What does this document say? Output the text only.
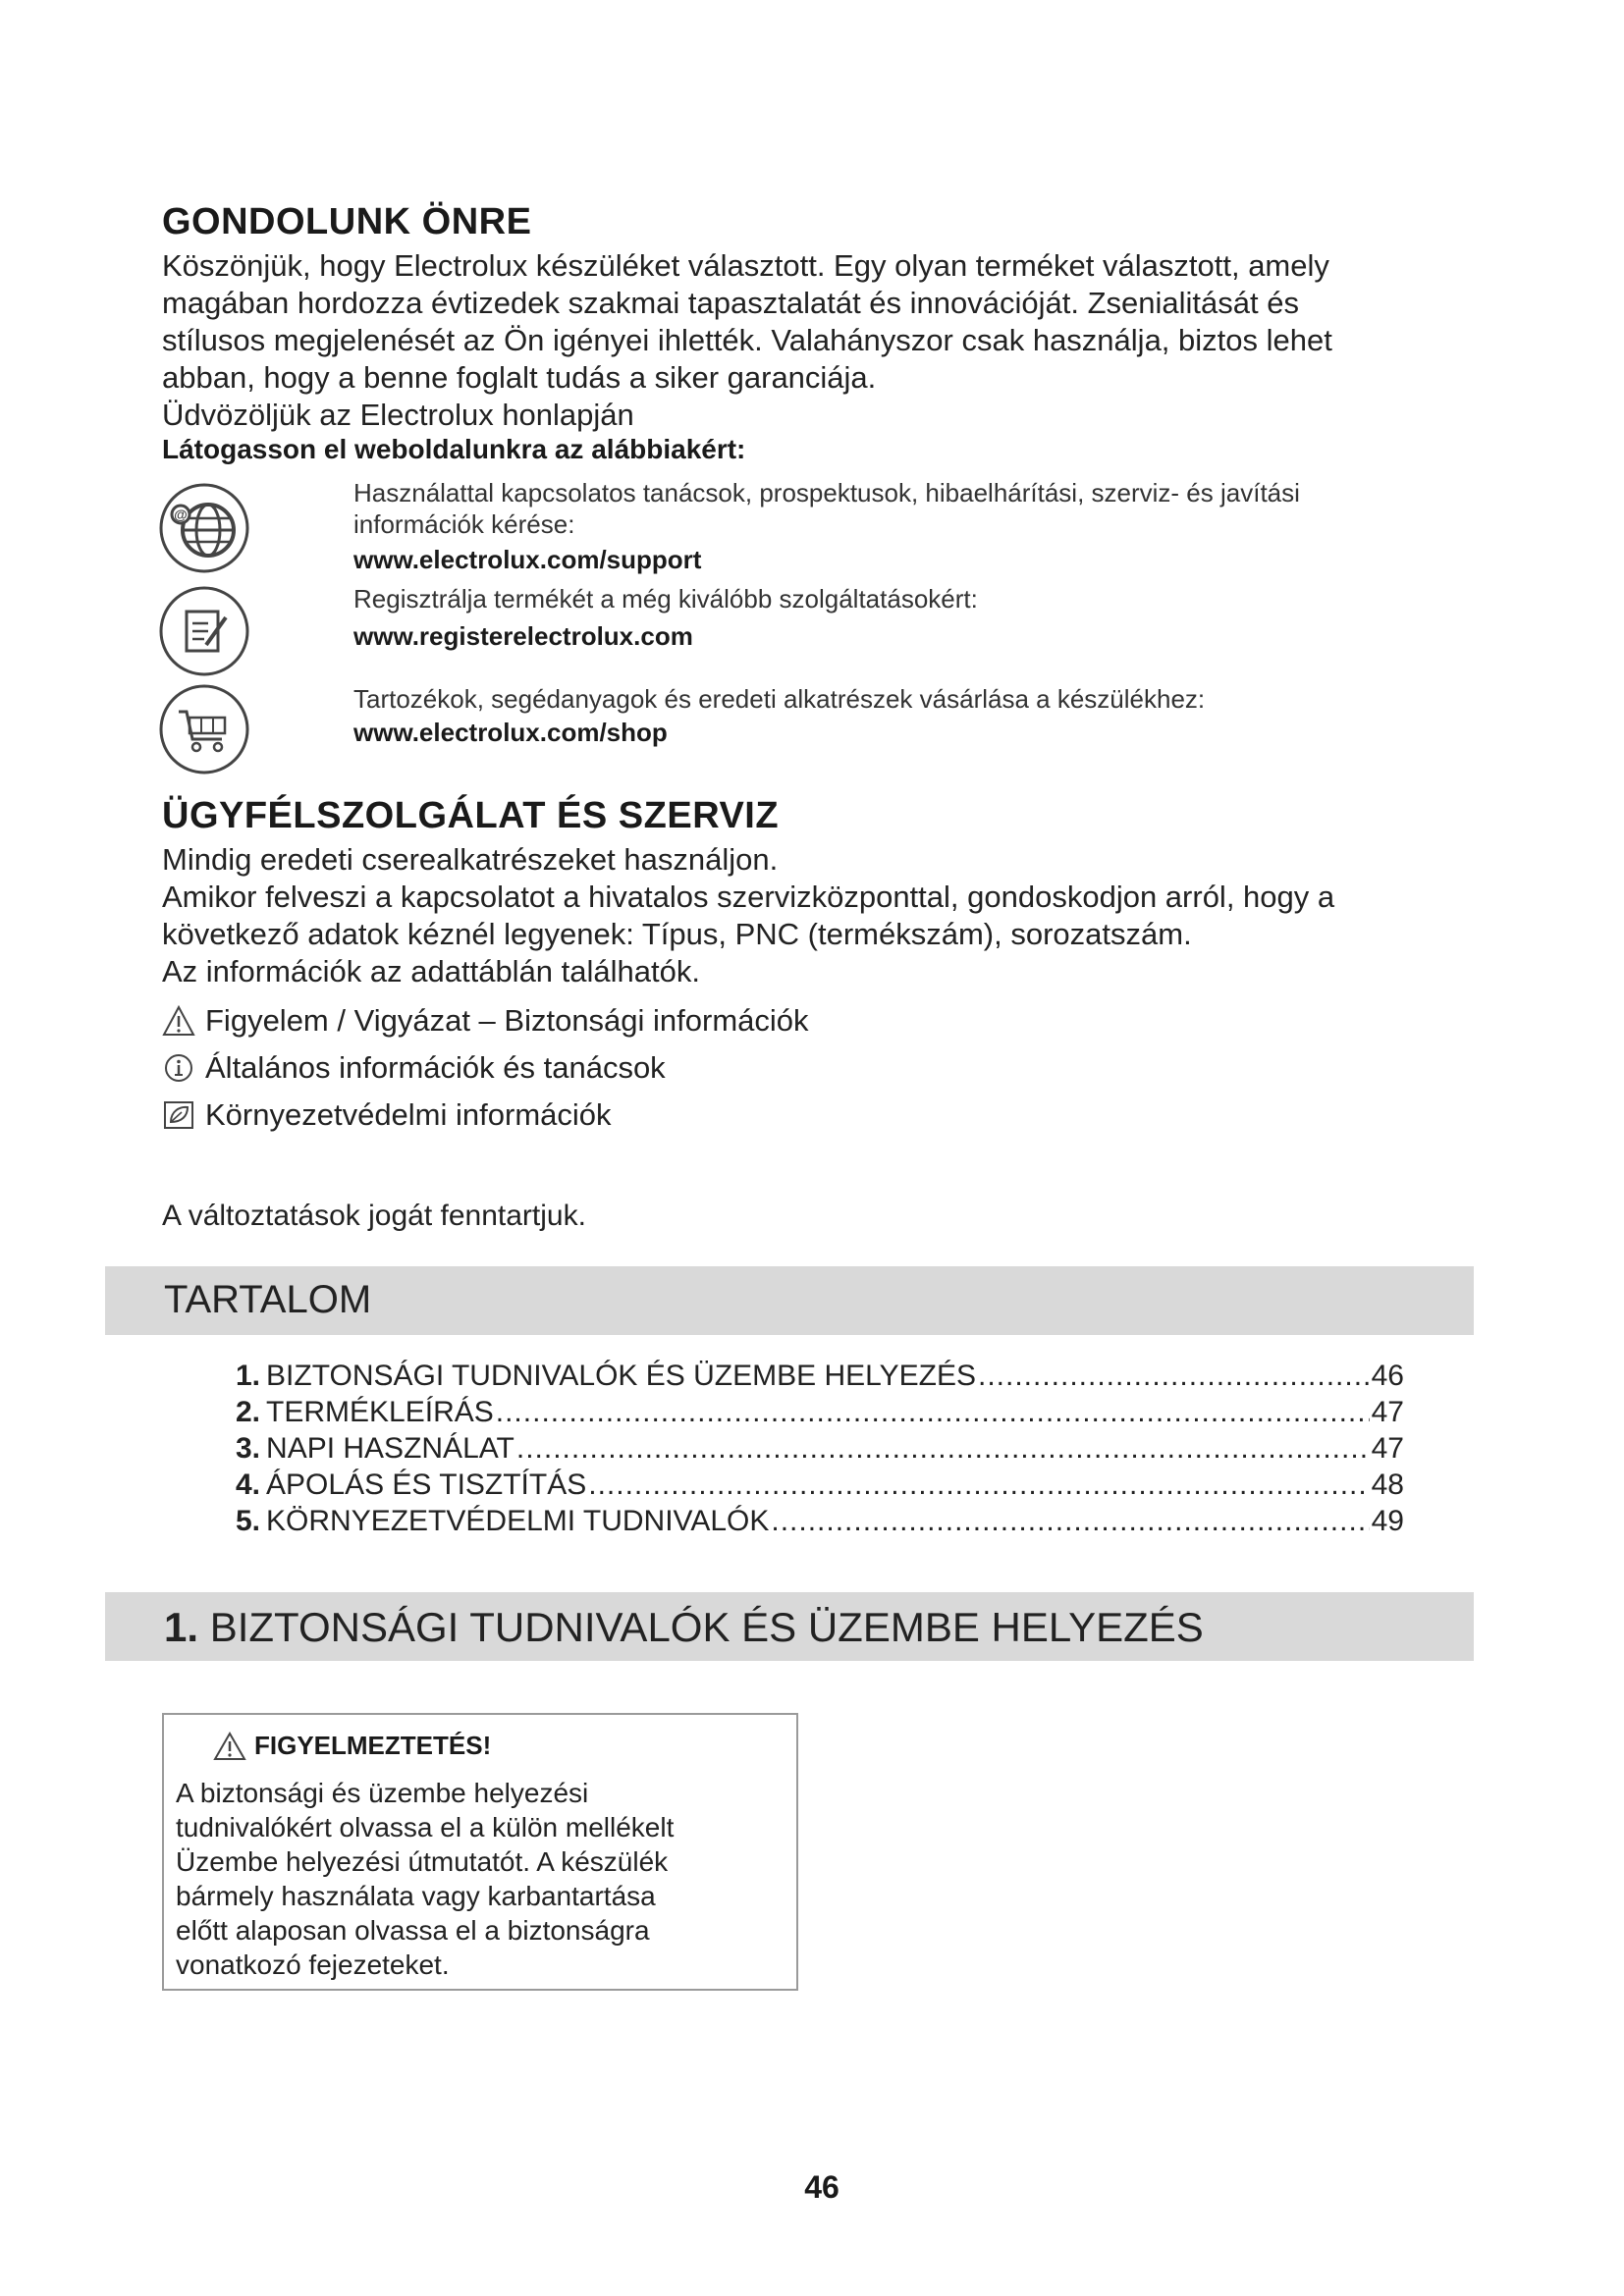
GONDOLUNK ÖNRE
Köszönjük, hogy Electrolux készüléket választott. Egy olyan terméket választott, amely
magában hordozza évtizedek szakmai tapasztalatát és innovációját. Zsenialitását és
stílusos megjelenését az Ön igényei ihlették. Valahányszor csak használja, biztos lehet
abban, hogy a benne foglalt tudás a siker garanciája.
Üdvözöljük az Electrolux honlapján
Látogasson el weboldalunkra az alábbiakért:
@
Használattal kapcsolatos tanácsok, prospektusok, hibaelhárítási, szerviz- és javítási
információk kérése:
www.electrolux.com/support
Regisztrálja termékét a még kiválóbb szolgáltatásokért:
www.registerelectrolux.com
Tartozékok, segédanyagok és eredeti alkatrészek vásárlása a készülékhez:
www.electrolux.com/shop
ÜGYFÉLSZOLGÁLAT ÉS SZERVIZ
Mindig eredeti cserealkatrészeket használjon.
Amikor felveszi a kapcsolatot a hivatalos szervizközponttal, gondoskodjon arról, hogy a
következő adatok kéznél legyenek: Típus, PNC (termékszám), sorozatszám.
Az információk az adattáblán találhatók.
Figyelem / Vigyázat – Biztonsági információk
Általános információk és tanácsok
Környezetvédelmi információk
A változtatások jogát fenntartjuk.
TARTALOM
1. BIZTONSÁGI TUDNIVALÓK ÉS ÜZEMBE HELYEZÉS .....	46
2. TERMÉKLEÍRÁS .....	47
3. NAPI HASZNÁLAT .....	47
4. ÁPOLÁS ÉS TISZTÍTÁS .....	48
5. KÖRNYEZETVÉDELMI TUDNIVALÓK .....	49
1. BIZTONSÁGI TUDNIVALÓK ÉS ÜZEMBE HELYEZÉS
FIGYELMEZTETÉS!
A biztonsági és üzembe helyezési
tudnivalókért olvassa el a külön mellékelt
Üzembe helyezési útmutatót. A készülék
bármely használata vagy karbantartása
előtt alaposan olvassa el a biztonságra
vonatkozó fejezeteket.
46
